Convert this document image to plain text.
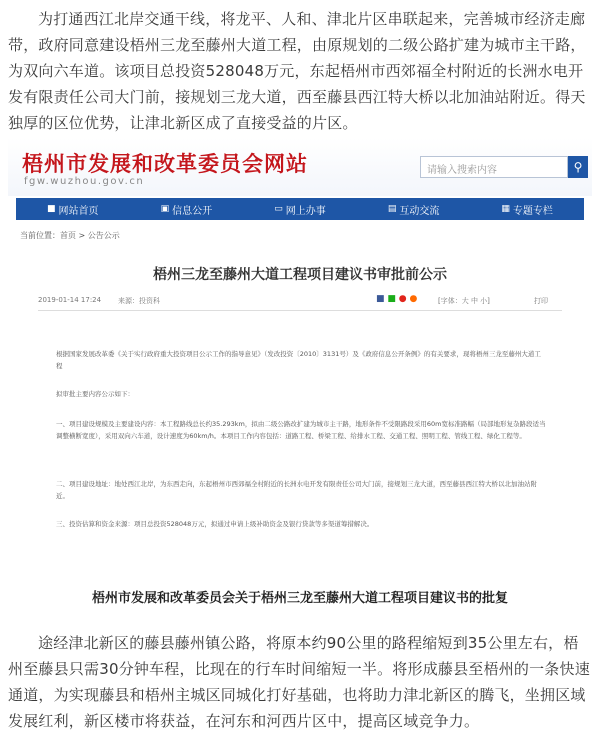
为打通西江北岸交通干线，将龙平、人和、津北片区串联起来，完善城市经济走廊带，政府同意建设梧州三龙至藤州大道工程，由原规划的二级公路扩建为城市主干路，为双向六车道。该项目总投资528048万元，东起梧州市西郊福全村附近的长洲水电开发有限责任公司大门前，接规划三龙大道，西至藤县西江特大桥以北加油站附近。得天独厚的区位优势，让津北新区成了直接受益的片区。

梧州市发展和改革委员会网站
fgw.wuzhou.gov.cn
请输入搜索内容	⚲
■ 网站首页	▣ 信息公开	▭ 网上办事	▤ 互动交流	▦ 专题专栏
当前位置：首页 > 公告公示
梧州三龙至藤州大道工程项目建议书审批前公示
2019-01-14 17:24 来源：投资科	■ ■ ● ●	[字体：大 中 小]	打印
根据国家发展改革委《关于实行政府重大投资项目公示工作的指导意见》（发改投资〔2010〕3131号）及《政府信息公开条例》的有关要求，现将梧州三龙至藤州大道工程
拟审批主要内容公示如下：
一、项目建设规模及主要建设内容：本工程路线总长约35.293km，拟由二级公路改扩建为城市主干路，地形条件不受限路段采用60m宽标准路幅（局部地形复杂路段适当调整横断宽度），采用双向六车道，设计速度为60km/h。本项目工作内容包括：道路工程、桥梁工程、给排水工程、交通工程、照明工程、管线工程、绿化工程等。
二、项目建设地址：地处西江北岸，为东西走向，东起梧州市西郊福全村附近的长洲水电开发有限责任公司大门前，接规划三龙大道，西至藤县西江特大桥以北加油站附近。
三、投资估算和资金来源：项目总投资528048万元，拟通过申请上级补助资金及银行贷款等多渠道筹措解决。
梧州市发展和改革委员会关于梧州三龙至藤州大道工程项目建议书的批复

途经津北新区的藤县藤州镇公路，将原本约90公里的路程缩短到35公里左右，梧州至藤县只需30分钟车程，比现在的行车时间缩短一半。将形成藤县至梧州的一条快速通道，为实现藤县和梧州主城区同城化打好基础，也将助力津北新区的腾飞，坐拥区域发展红利，新区楼市将获益，在河东和河西片区中，提高区域竞争力。
